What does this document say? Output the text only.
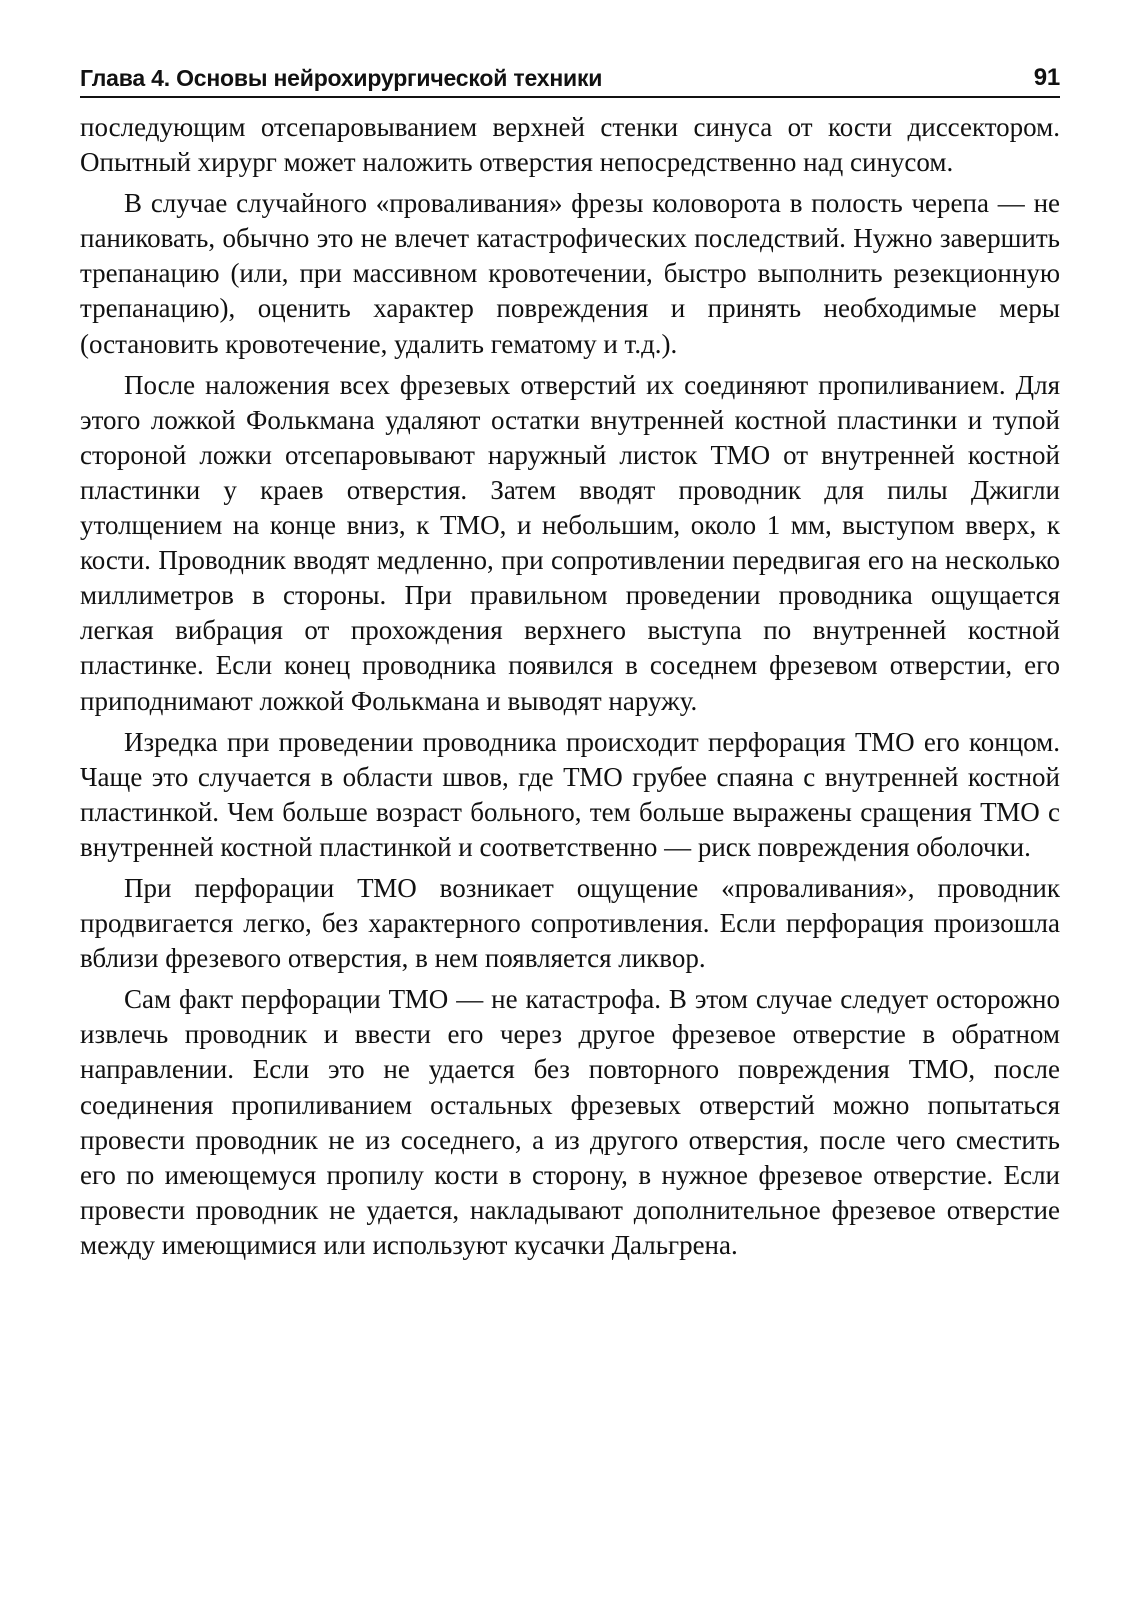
Глава 4. Основы нейрохирургической техники	91

последующим отсепаровыванием верхней стенки синуса от кости диссектором. Опытный хирург может наложить отверстия непосредственно над синусом.

В случае случайного «проваливания» фрезы коловорота в полость черепа — не паниковать, обычно это не влечет катастрофических последствий. Нужно завершить трепанацию (или, при массивном кровотечении, быстро выполнить резекционную трепанацию), оценить характер повреждения и принять необходимые меры (остановить кровотечение, удалить гематому и т.д.).

После наложения всех фрезевых отверстий их соединяют пропиливанием. Для этого ложкой Фолькмана удаляют остатки внутренней костной пластинки и тупой стороной ложки отсепаровывают наружный листок ТМО от внутренней костной пластинки у краев отверстия. Затем вводят проводник для пилы Джигли утолщением на конце вниз, к ТМО, и небольшим, около 1 мм, выступом вверх, к кости. Проводник вводят медленно, при сопротивлении передвигая его на несколько миллиметров в стороны. При правильном проведении проводника ощущается легкая вибрация от прохождения верхнего выступа по внутренней костной пластинке. Если конец проводника появился в соседнем фрезевом отверстии, его приподнимают ложкой Фолькмана и выводят наружу.

Изредка при проведении проводника происходит перфорация ТМО его концом. Чаще это случается в области швов, где ТМО грубее спаяна с внутренней костной пластинкой. Чем больше возраст больного, тем больше выражены сращения ТМО с внутренней костной пластинкой и соответственно — риск повреждения оболочки.

При перфорации ТМО возникает ощущение «проваливания», проводник продвигается легко, без характерного сопротивления. Если перфорация произошла вблизи фрезевого отверстия, в нем появляется ликвор.

Сам факт перфорации ТМО — не катастрофа. В этом случае следует осторожно извлечь проводник и ввести его через другое фрезевое отверстие в обратном направлении. Если это не удается без повторного повреждения ТМО, после соединения пропиливанием остальных фрезевых отверстий можно попытаться провести проводник не из соседнего, а из другого отверстия, после чего сместить его по имеющемуся пропилу кости в сторону, в нужное фрезевое отверстие. Если провести проводник не удается, накладывают дополнительное фрезевое отверстие между имеющимися или используют кусачки Дальгрена.
